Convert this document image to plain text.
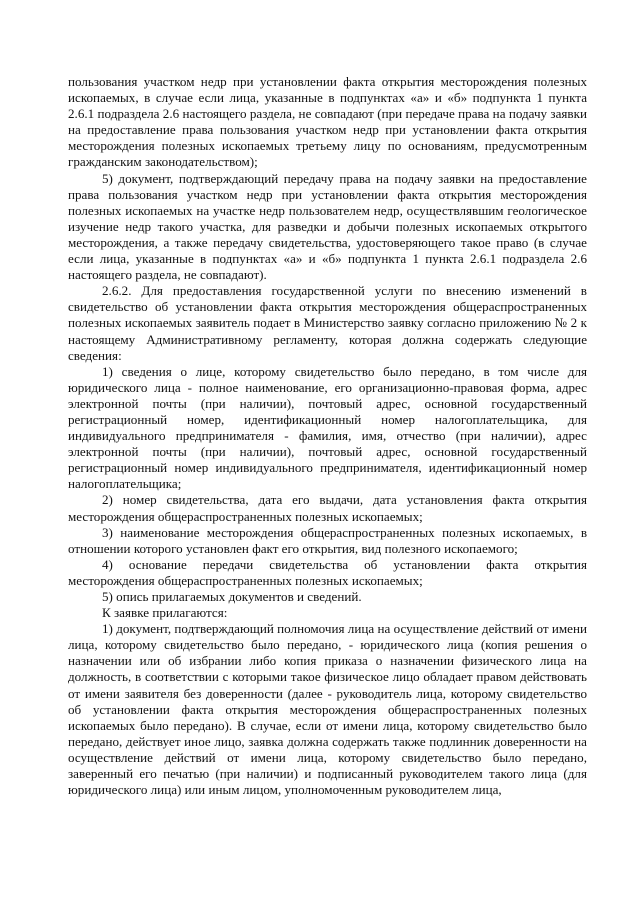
пользования участком недр при установлении факта открытия месторождения полезных ископаемых, в случае если лица, указанные в подпунктах «а» и «б» подпункта 1 пункта 2.6.1 подраздела 2.6 настоящего раздела, не совпадают (при передаче права на подачу заявки на предоставление права пользования участком недр при установлении факта открытия месторождения полезных ископаемых третьему лицу по основаниям, предусмотренным гражданским законодательством);

5) документ, подтверждающий передачу права на подачу заявки на предоставление права пользования участком недр при установлении факта открытия месторождения полезных ископаемых на участке недр пользователем недр, осуществлявшим геологическое изучение недр такого участка, для разведки и добычи полезных ископаемых открытого месторождения, а также передачу свидетельства, удостоверяющего такое право (в случае если лица, указанные в подпунктах «а» и «б» подпункта 1 пункта 2.6.1 подраздела 2.6 настоящего раздела, не совпадают).

2.6.2. Для предоставления государственной услуги по внесению изменений в свидетельство об установлении факта открытия месторождения общераспространенных полезных ископаемых заявитель подает в Министерство заявку согласно приложению № 2 к настоящему Административному регламенту, которая должна содержать следующие сведения:

1) сведения о лице, которому свидетельство было передано, в том числе для юридического лица - полное наименование, его организационно-правовая форма, адрес электронной почты (при наличии), почтовый адрес, основной государственный регистрационный номер, идентификационный номер налогоплательщика, для индивидуального предпринимателя - фамилия, имя, отчество (при наличии), адрес электронной почты (при наличии), почтовый адрес, основной государственный регистрационный номер индивидуального предпринимателя, идентификационный номер налогоплательщика;

2) номер свидетельства, дата его выдачи, дата установления факта открытия месторождения общераспространенных полезных ископаемых;

3) наименование месторождения общераспространенных полезных ископаемых, в отношении которого установлен факт его открытия, вид полезного ископаемого;

4) основание передачи свидетельства об установлении факта открытия месторождения общераспространенных полезных ископаемых;

5) опись прилагаемых документов и сведений.

К заявке прилагаются:

1) документ, подтверждающий полномочия лица на осуществление действий от имени лица, которому свидетельство было передано, - юридического лица (копия решения о назначении или об избрании либо копия приказа о назначении физического лица на должность, в соответствии с которыми такое физическое лицо обладает правом действовать от имени заявителя без доверенности (далее - руководитель лица, которому свидетельство об установлении факта открытия месторождения общераспространенных полезных ископаемых было передано). В случае, если от имени лица, которому свидетельство было передано, действует иное лицо, заявка должна содержать также подлинник доверенности на осуществление действий от имени лица, которому свидетельство было передано, заверенный его печатью (при наличии) и подписанный руководителем такого лица (для юридического лица) или иным лицом, уполномоченным руководителем лица,
